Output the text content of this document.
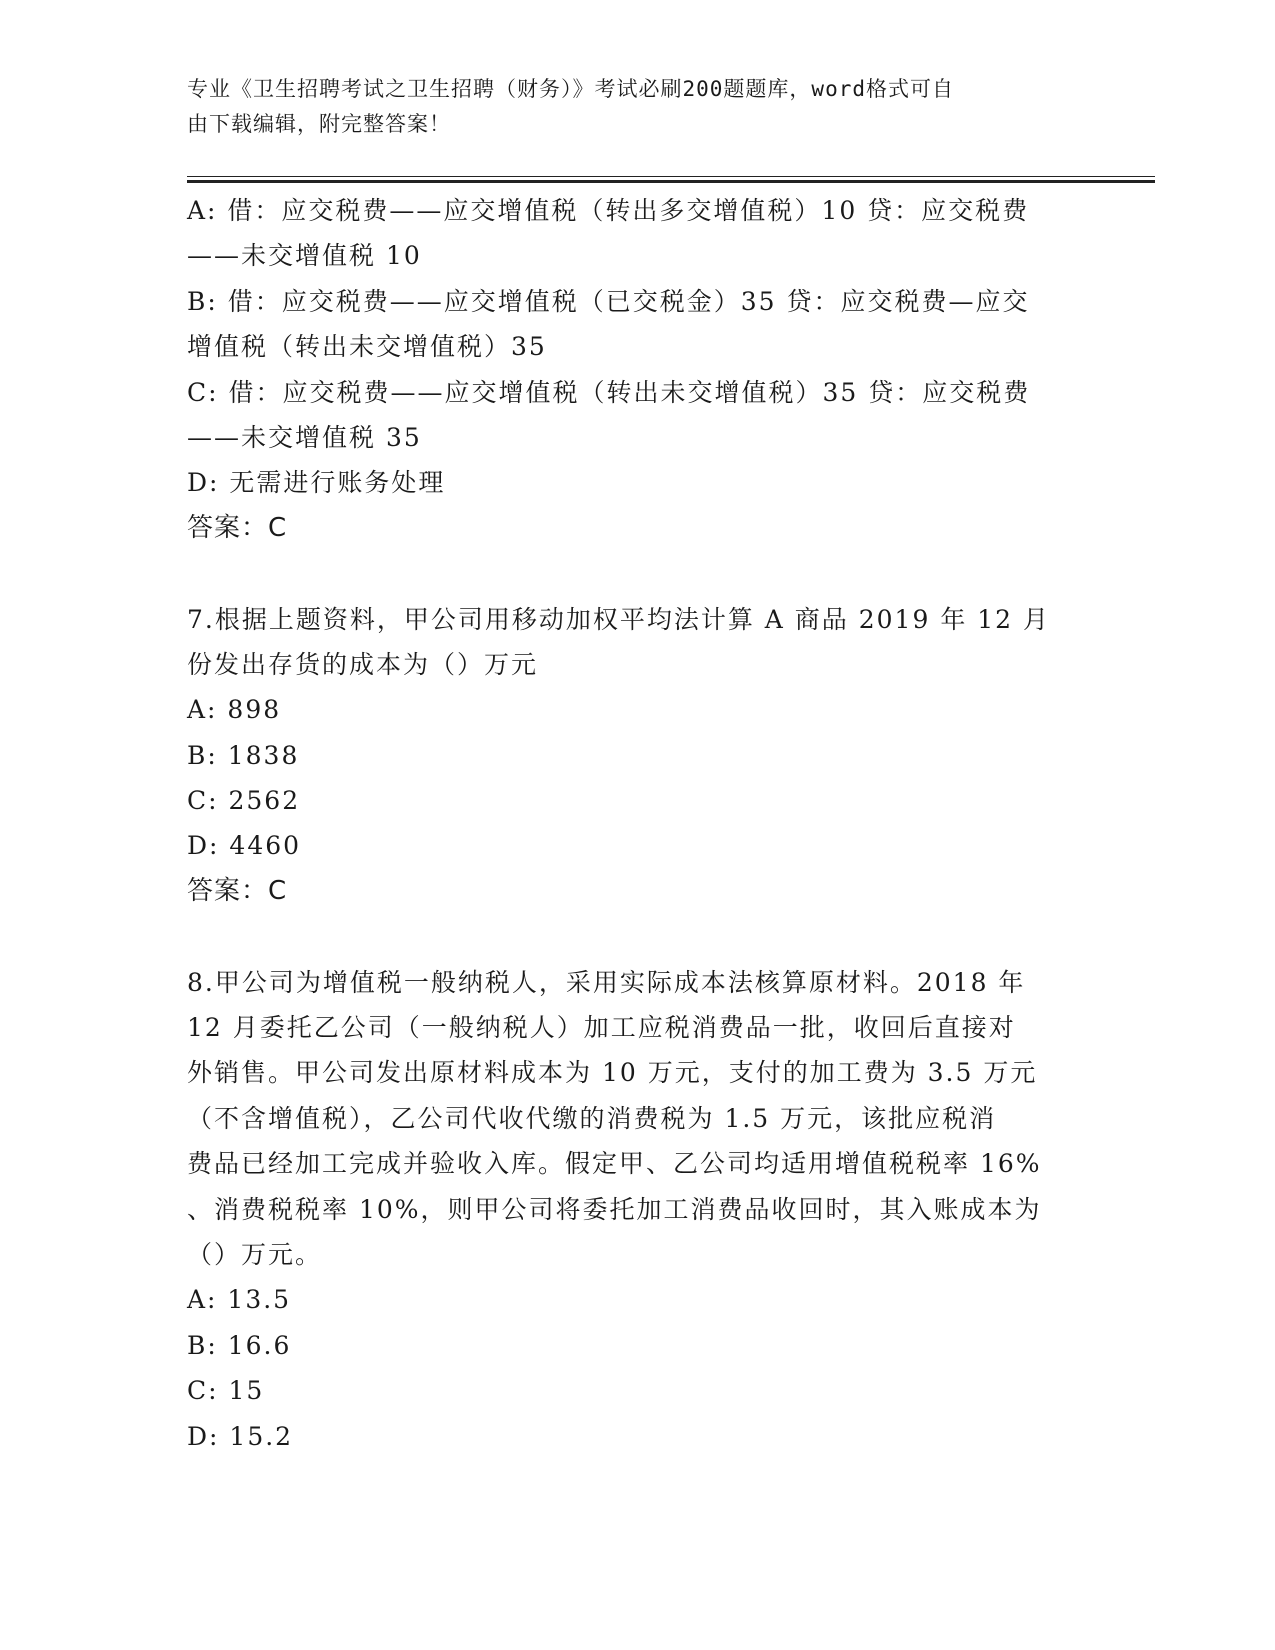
专业《卫生招聘考试之卫生招聘（财务）》考试必刷200题题库，word格式可自
由下载编辑，附完整答案！
A: 借：应交税费——应交增值税（转出多交增值税）10 贷：应交税费
——未交增值税 10
B: 借：应交税费——应交增值税（已交税金）35 贷：应交税费—应交
增值税（转出未交增值税）35
C: 借：应交税费——应交增值税（转出未交增值税）35 贷：应交税费
——未交增值税 35
D: 无需进行账务处理
答案：C
7.根据上题资料，甲公司用移动加权平均法计算 A 商品 2019 年 12 月
份发出存货的成本为（）万元
A: 898
B: 1838
C: 2562
D: 4460
答案：C
8.甲公司为增值税一般纳税人，采用实际成本法核算原材料。2018 年
12 月委托乙公司（一般纳税人）加工应税消费品一批，收回后直接对
外销售。甲公司发出原材料成本为 10 万元，支付的加工费为 3.5 万元
（不含增值税），乙公司代收代缴的消费税为 1.5 万元，该批应税消
费品已经加工完成并验收入库。假定甲、乙公司均适用增值税税率 16%
、消费税税率 10%，则甲公司将委托加工消费品收回时，其入账成本为
（）万元。
A: 13.5
B: 16.6
C: 15
D: 15.2
